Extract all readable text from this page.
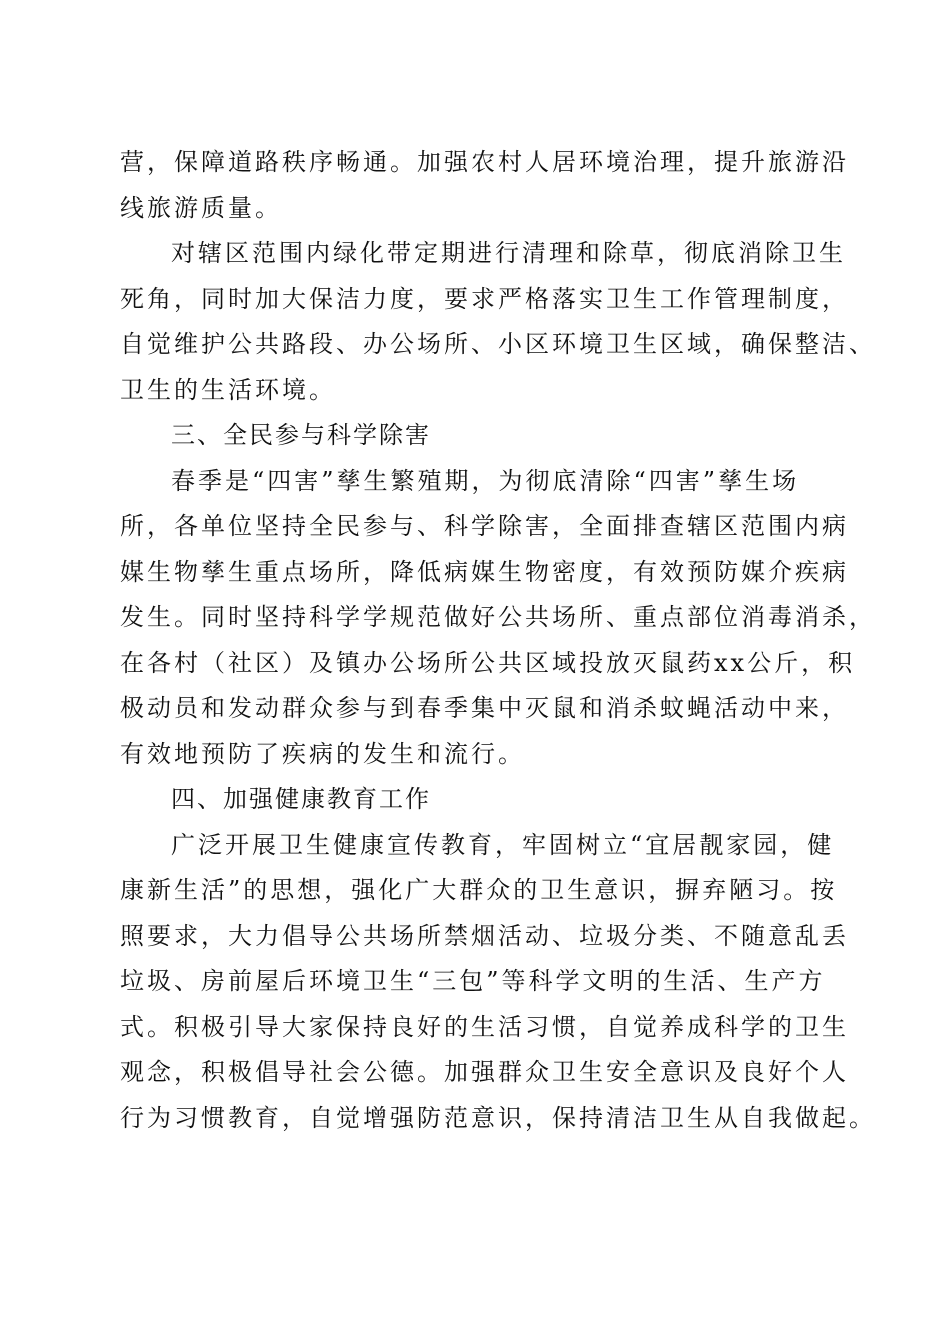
营，保障道路秩序畅通。加强农村人居环境治理，提升旅游沿
线旅游质量。
对辖区范围内绿化带定期进行清理和除草，彻底消除卫生
死角，同时加大保洁力度，要求严格落实卫生工作管理制度，
自觉维护公共路段、办公场所、小区环境卫生区域，确保整洁、
卫生的生活环境。
三、全民参与科学除害
春季是“四害”孳生繁殖期，为彻底清除“四害”孳生场
所，各单位坚持全民参与、科学除害，全面排查辖区范围内病
媒生物孳生重点场所，降低病媒生物密度，有效预防媒介疾病
发生。同时坚持科学学规范做好公共场所、重点部位消毒消杀，
在各村（社区）及镇办公场所公共区域投放灭鼠药xx公斤，积
极动员和发动群众参与到春季集中灭鼠和消杀蚊蝇活动中来，
有效地预防了疾病的发生和流行。
四、加强健康教育工作
广泛开展卫生健康宣传教育，牢固树立“宜居靓家园，健
康新生活”的思想，强化广大群众的卫生意识，摒弃陋习。按
照要求，大力倡导公共场所禁烟活动、垃圾分类、不随意乱丢
垃圾、房前屋后环境卫生“三包”等科学文明的生活、生产方
式。积极引导大家保持良好的生活习惯，自觉养成科学的卫生
观念，积极倡导社会公德。加强群众卫生安全意识及良好个人
行为习惯教育，自觉增强防范意识，保持清洁卫生从自我做起。
